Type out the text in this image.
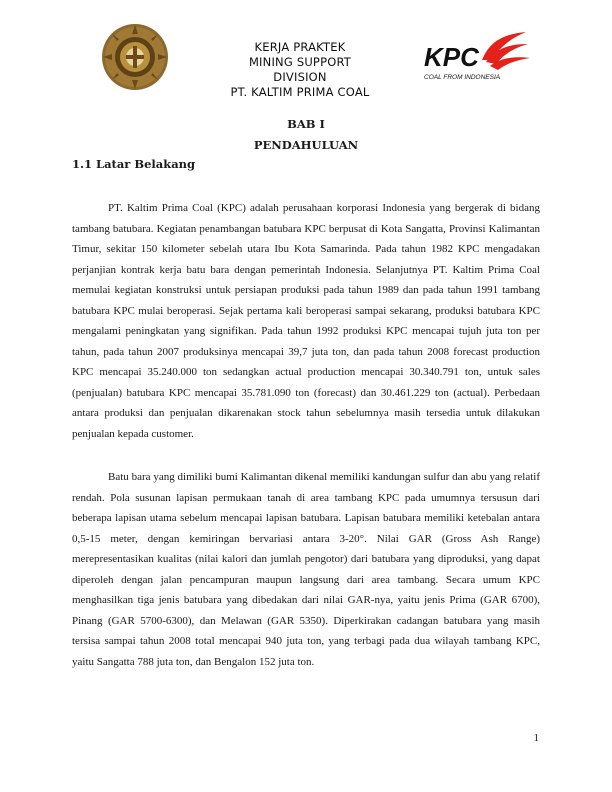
KERJA PRAKTEK
MINING SUPPORT
DIVISION
PT. KALTIM PRIMA COAL
KPC
COAL FROM INDONESIA
BAB I
PENDAHULUAN
1.1 Latar Belakang

PT. Kaltim Prima Coal (KPC) adalah perusahaan korporasi Indonesia yang bergerak di bidang tambang batubara. Kegiatan penambangan batubara KPC berpusat di Kota Sangatta, Provinsi Kalimantan Timur, sekitar 150 kilometer sebelah utara Ibu Kota Samarinda. Pada tahun 1982 KPC mengadakan perjanjian kontrak kerja batu bara dengan pemerintah Indonesia. Selanjutnya PT. Kaltim Prima Coal memulai kegiatan konstruksi untuk persiapan produksi pada tahun 1989 dan pada tahun 1991 tambang batubara KPC mulai beroperasi. Sejak pertama kali beroperasi sampai sekarang, produksi batubara KPC mengalami peningkatan yang signifikan. Pada tahun 1992 produksi KPC mencapai tujuh juta ton per tahun, pada tahun 2007 produksinya mencapai 39,7 juta ton, dan pada tahun 2008 forecast production KPC mencapai 35.240.000 ton sedangkan actual production mencapai 30.340.791 ton, untuk sales (penjualan) batubara KPC mencapai 35.781.090 ton (forecast) dan 30.461.229 ton (actual). Perbedaan antara produksi dan penjualan dikarenakan stock tahun sebelumnya masih tersedia untuk dilakukan penjualan kepada customer.

Batu bara yang dimiliki bumi Kalimantan dikenal memiliki kandungan sulfur dan abu yang relatif rendah. Pola susunan lapisan permukaan tanah di area tambang KPC pada umumnya tersusun dari beberapa lapisan utama sebelum mencapai lapisan batubara. Lapisan batubara memiliki ketebalan antara 0,5-15 meter, dengan kemiringan bervariasi antara 3-20°. Nilai GAR (Gross Ash Range) merepresentasikan kualitas (nilai kalori dan jumlah pengotor) dari batubara yang diproduksi, yang dapat diperoleh dengan jalan pencampuran maupun langsung dari area tambang. Secara umum KPC menghasilkan tiga jenis batubara yang dibedakan dari nilai GAR-nya, yaitu jenis Prima (GAR 6700), Pinang (GAR 5700-6300), dan Melawan (GAR 5350). Diperkirakan cadangan batubara yang masih tersisa sampai tahun 2008 total mencapai 940 juta ton, yang terbagi pada dua wilayah tambang KPC, yaitu Sangatta 788 juta ton, dan Bengalon 152 juta ton.

1
